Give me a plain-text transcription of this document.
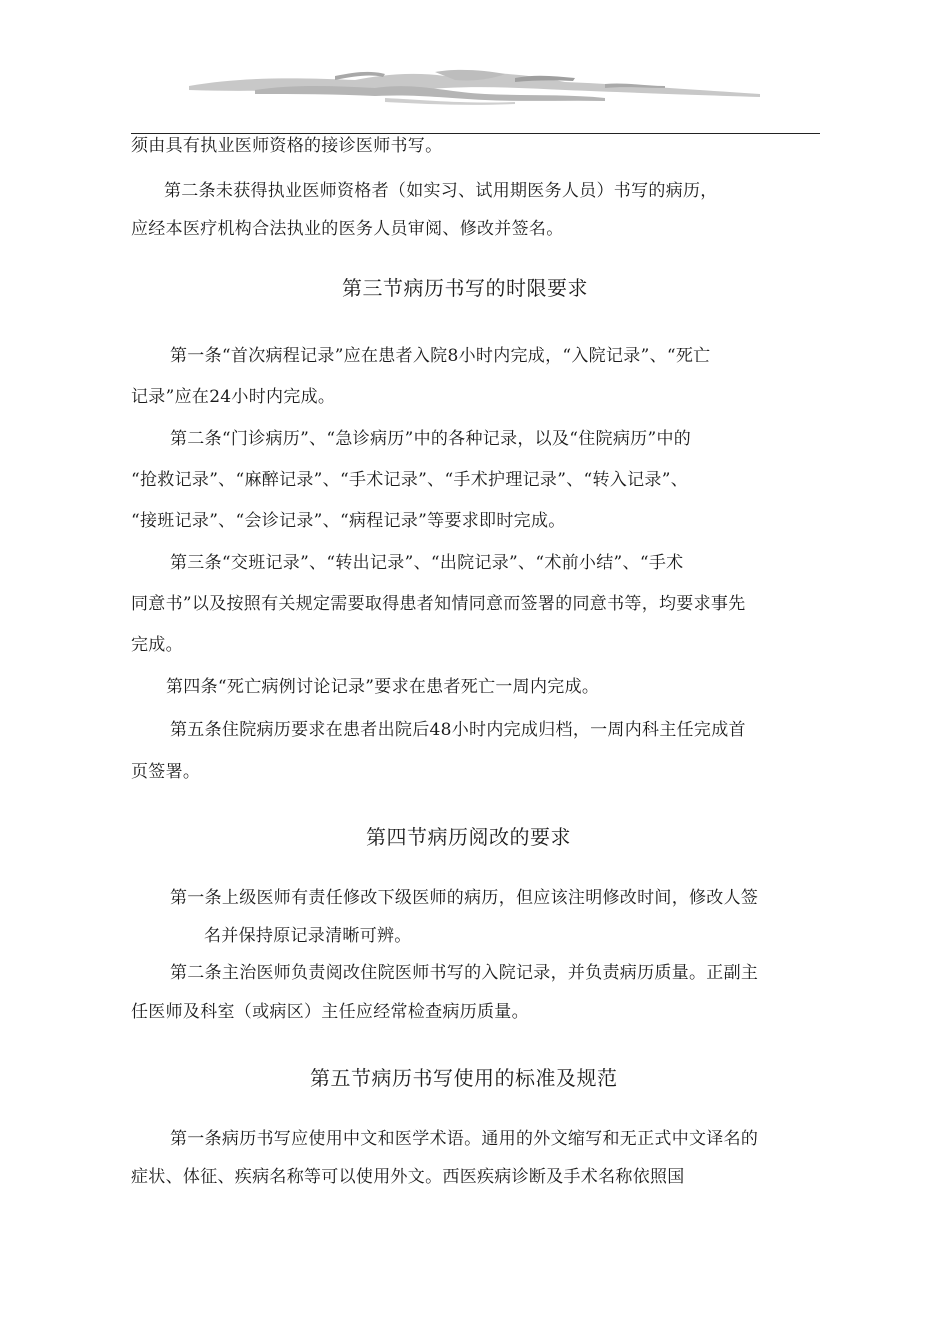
须由具有执业医师资格的接诊医师书写。
第二条未获得执业医师资格者（如实习、试用期医务人员）书写的病历，
应经本医疗机构合法执业的医务人员审阅、修改并签名。
第三节病历书写的时限要求
第一条“首次病程记录”应在患者入院8小时内完成，“入院记录”、“死亡
记录”应在24小时内完成。
第二条“门诊病历”、“急诊病历”中的各种记录，以及“住院病历”中的
“抢救记录”、“麻醉记录”、“手术记录”、“手术护理记录”、“转入记录”、
“接班记录”、“会诊记录”、“病程记录”等要求即时完成。
第三条“交班记录”、“转出记录”、“出院记录”、“术前小结”、“手术
同意书”以及按照有关规定需要取得患者知情同意而签署的同意书等，均要求事先
完成。
第四条“死亡病例讨论记录”要求在患者死亡一周内完成。
第五条住院病历要求在患者出院后48小时内完成归档，一周内科主任完成首
页签署。
第四节病历阅改的要求
第一条上级医师有责任修改下级医师的病历，但应该注明修改时间，修改人签
名并保持原记录清晰可辨。
第二条主治医师负责阅改住院医师书写的入院记录，并负责病历质量。正副主
任医师及科室（或病区）主任应经常检查病历质量。
第五节病历书写使用的标准及规范
第一条病历书写应使用中文和医学术语。通用的外文缩写和无正式中文译名的
症状、体征、疾病名称等可以使用外文。西医疾病诊断及手术名称依照国
